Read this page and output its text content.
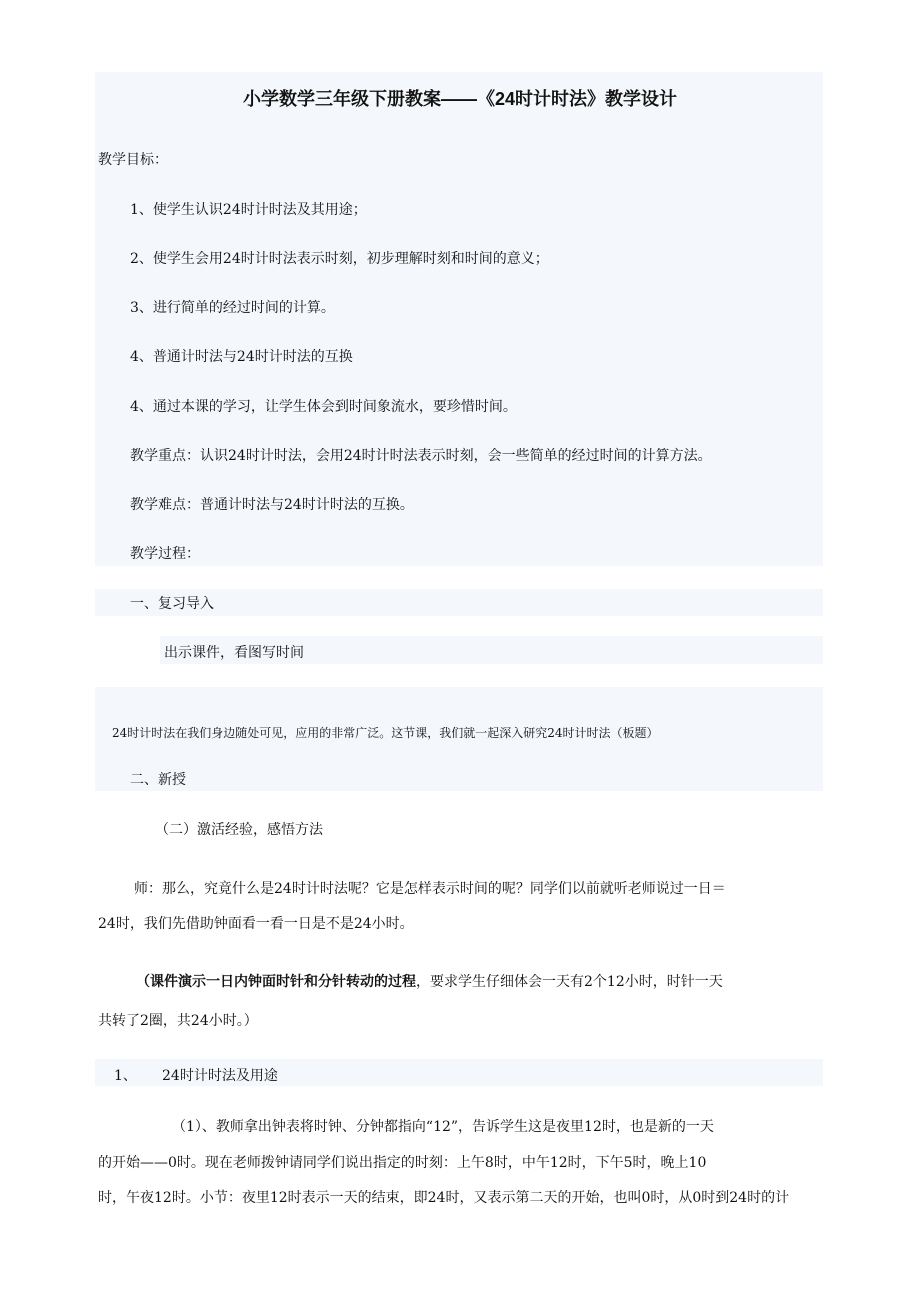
小学数学三年级下册教案——《24时计时法》教学设计
教学目标：
1、使学生认识24时计时法及其用途；
2、使学生会用24时计时法表示时刻，初步理解时刻和时间的意义；
3、进行简单的经过时间的计算。
4、普通计时法与24时计时法的互换
4、通过本课的学习，让学生体会到时间象流水，要珍惜时间。
教学重点：认识24时计时法，会用24时计时法表示时刻，会一些简单的经过时间的计算方法。
教学难点：普通计时法与24时计时法的互换。
教学过程：
一、复习导入
出示课件，看图写时间
24时计时法在我们身边随处可见，应用的非常广泛。这节课，我们就一起深入研究24时计时法（板题）
二、新授
（二）激活经验，感悟方法
师：那么，究竟什么是24时计时法呢？它是怎样表示时间的呢？同学们以前就听老师说过一日＝
24时，我们先借助钟面看一看一日是不是24小时。
（课件演示一日内钟面时针和分针转动的过程，要求学生仔细体会一天有2个12小时，时针一天
共转了2圈，共24小时。）
1、 24时计时法及用途
（1）、教师拿出钟表将时钟、分钟都指向“12”，告诉学生这是夜里12时，也是新的一天
的开始——0时。现在老师拨钟请同学们说出指定的时刻：上午8时，中午12时，下午5时，晚上10
时，午夜12时。小节：夜里12时表示一天的结束，即24时，又表示第二天的开始，也叫0时，从0时到24时的计
